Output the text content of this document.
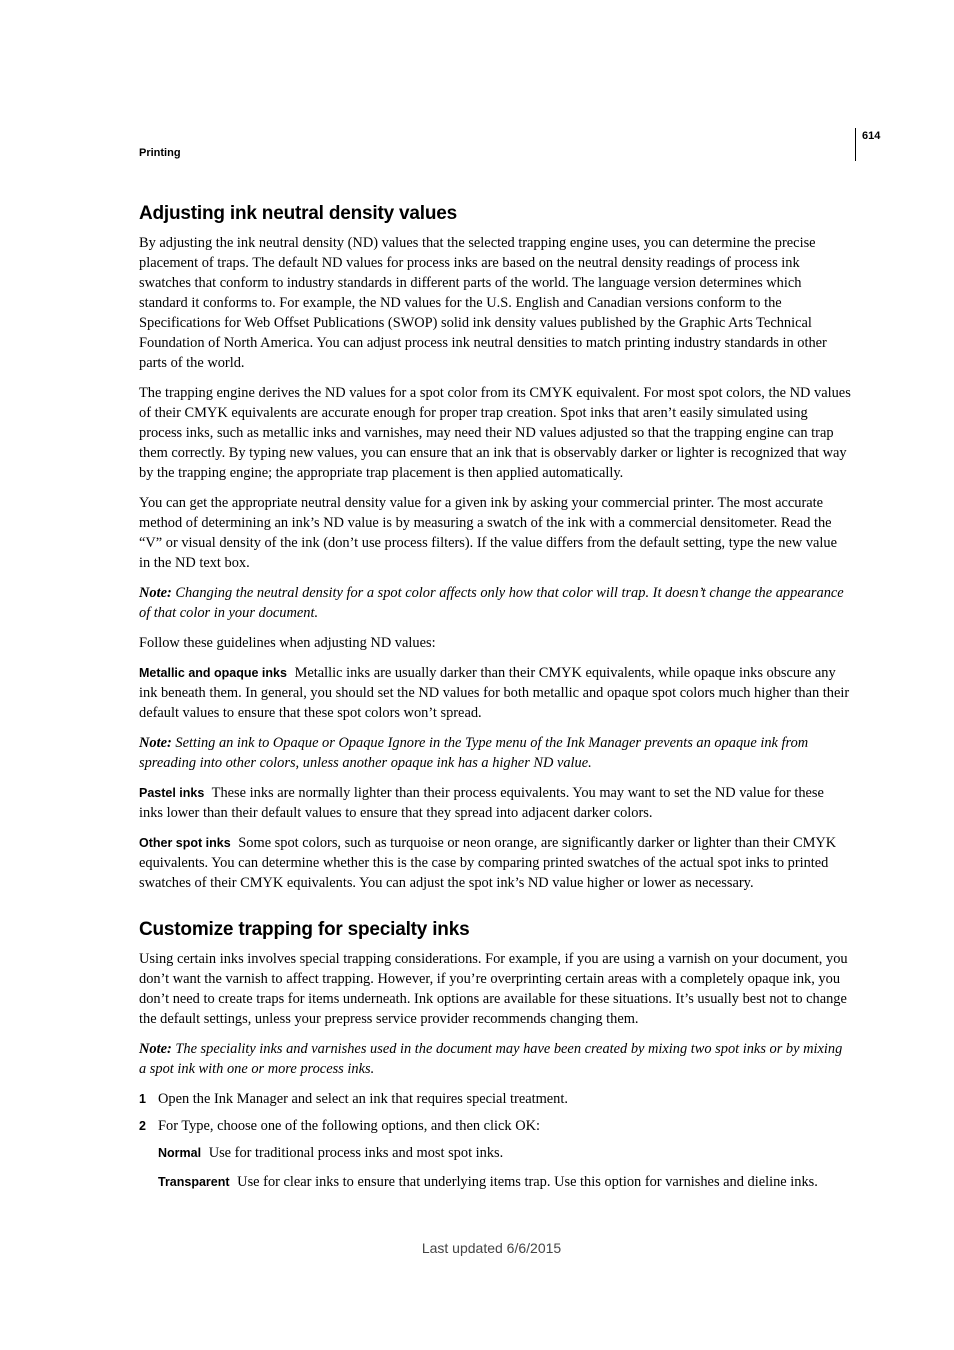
Printing
614
Adjusting ink neutral density values

By adjusting the ink neutral density (ND) values that the selected trapping engine uses, you can determine the precise placement of traps. The default ND values for process inks are based on the neutral density readings of process ink swatches that conform to industry standards in different parts of the world. The language version determines which standard it conforms to. For example, the ND values for the U.S. English and Canadian versions conform to the Specifications for Web Offset Publications (SWOP) solid ink density values published by the Graphic Arts Technical Foundation of North America. You can adjust process ink neutral densities to match printing industry standards in other parts of the world.

The trapping engine derives the ND values for a spot color from its CMYK equivalent. For most spot colors, the ND values of their CMYK equivalents are accurate enough for proper trap creation. Spot inks that aren’t easily simulated using process inks, such as metallic inks and varnishes, may need their ND values adjusted so that the trapping engine can trap them correctly. By typing new values, you can ensure that an ink that is observably darker or lighter is recognized that way by the trapping engine; the appropriate trap placement is then applied automatically.

You can get the appropriate neutral density value for a given ink by asking your commercial printer. The most accurate method of determining an ink’s ND value is by measuring a swatch of the ink with a commercial densitometer. Read the “V” or visual density of the ink (don’t use process filters). If the value differs from the default setting, type the new value in the ND text box.

Note: Changing the neutral density for a spot color affects only how that color will trap. It doesn’t change the appearance of that color in your document.

Follow these guidelines when adjusting ND values:

Metallic and opaque inks Metallic inks are usually darker than their CMYK equivalents, while opaque inks obscure any ink beneath them. In general, you should set the ND values for both metallic and opaque spot colors much higher than their default values to ensure that these spot colors won’t spread.

Note: Setting an ink to Opaque or Opaque Ignore in the Type menu of the Ink Manager prevents an opaque ink from spreading into other colors, unless another opaque ink has a higher ND value.

Pastel inks These inks are normally lighter than their process equivalents. You may want to set the ND value for these inks lower than their default values to ensure that they spread into adjacent darker colors.

Other spot inks Some spot colors, such as turquoise or neon orange, are significantly darker or lighter than their CMYK equivalents. You can determine whether this is the case by comparing printed swatches of the actual spot inks to printed swatches of their CMYK equivalents. You can adjust the spot ink’s ND value higher or lower as necessary.

Customize trapping for specialty inks

Using certain inks involves special trapping considerations. For example, if you are using a varnish on your document, you don’t want the varnish to affect trapping. However, if you’re overprinting certain areas with a completely opaque ink, you don’t need to create traps for items underneath. Ink options are available for these situations. It’s usually best not to change the default settings, unless your prepress service provider recommends changing them.

Note: The speciality inks and varnishes used in the document may have been created by mixing two spot inks or by mixing a spot ink with one or more process inks.

1 Open the Ink Manager and select an ink that requires special treatment.
2 For Type, choose one of the following options, and then click OK:

Normal Use for traditional process inks and most spot inks.

Transparent Use for clear inks to ensure that underlying items trap. Use this option for varnishes and dieline inks.

Last updated 6/6/2015
